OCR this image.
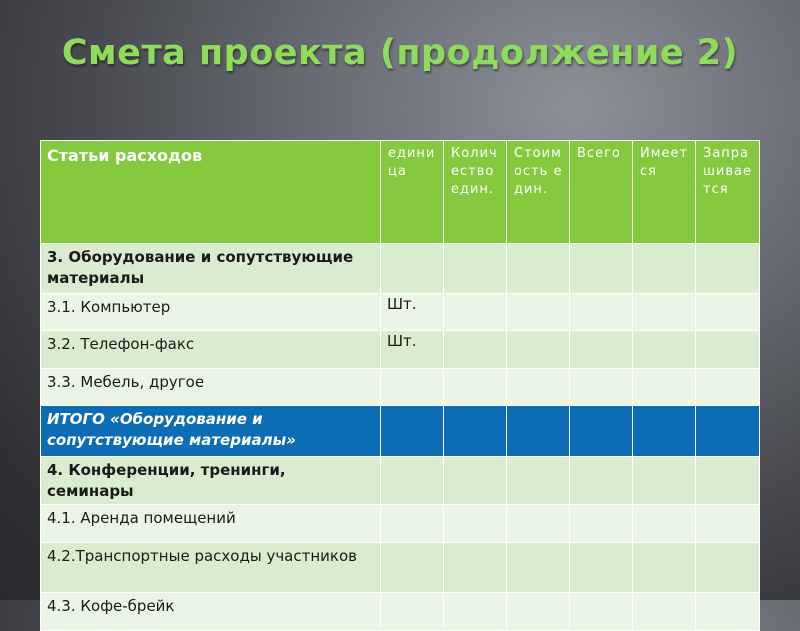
Смета проекта (продолжение 2)
Статьи расходов	единица	Количество един.	Стоимость един.	Всего	Имеется	Запрашивается
3. Оборудование и сопутствующие материалы						
3.1. Компьютер	Шт.					
3.2. Телефон-факс	Шт.					
3.3. Мебель, другое						
ИТОГО «Оборудование и сопутствующие материалы»						
4. Конференции, тренинги, семинары						
4.1. Аренда помещений						
4.2.Транспортные расходы участников						
4.3. Кофе-брейк						
